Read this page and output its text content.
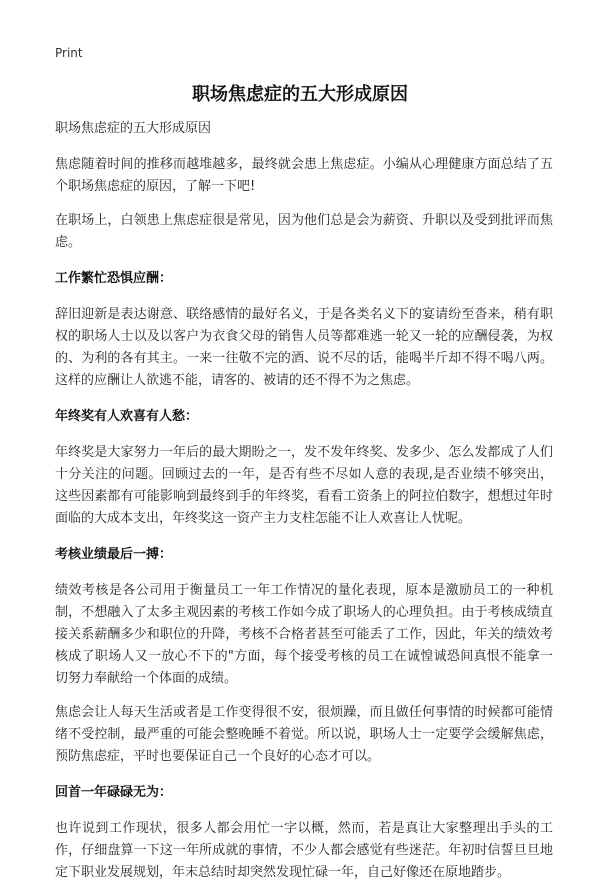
Print
职场焦虑症的五大形成原因

职场焦虑症的五大形成原因

焦虑随着时间的推移而越堆越多，最终就会患上焦虑症。小编从心理健康方面总结了五个职场焦虑症的原因，了解一下吧!

在职场上，白领患上焦虑症很是常见，因为他们总是会为薪资、升职以及受到批评而焦虑。

工作繁忙恐惧应酬：

辞旧迎新是表达谢意、联络感情的最好名义，于是各类名义下的宴请纷至沓来，稍有职权的职场人士以及以客户为衣食父母的销售人员等都难逃一轮又一轮的应酬侵袭，为权的、为利的各有其主。一来一往敬不完的酒、说不尽的话，能喝半斤却不得不喝八两。这样的应酬让人欲逃不能，请客的、被请的还不得不为之焦虑。

年终奖有人欢喜有人愁：

年终奖是大家努力一年后的最大期盼之一，发不发年终奖、发多少、怎么发都成了人们十分关注的问题。回顾过去的一年，是否有些不尽如人意的表现,是否业绩不够突出，这些因素都有可能影响到最终到手的年终奖，看看工资条上的阿拉伯数字，想想过年时面临的大成本支出，年终奖这一资产主力支柱怎能不让人欢喜让人忧呢。

考核业绩最后一搏：

绩效考核是各公司用于衡量员工一年工作情况的量化表现，原本是激励员工的一种机制，不想融入了太多主观因素的考核工作如今成了职场人的心理负担。由于考核成绩直接关系薪酬多少和职位的升降，考核不合格者甚至可能丢了工作，因此，年关的绩效考核成了职场人又一放心不下的"方面，每个接受考核的员工在诚惶诚恐间真恨不能拿一切努力奉献给一个体面的成绩。

焦虑会让人每天生活或者是工作变得很不安，很烦躁，而且做任何事情的时候都可能情绪不受控制，最严重的可能会整晚睡不着觉。所以说，职场人士一定要学会缓解焦虑，预防焦虑症，平时也要保证自己一个良好的心态才可以。

回首一年碌碌无为：

也许说到工作现状，很多人都会用忙一字以概，然而，若是真让大家整理出手头的工作，仔细盘算一下这一年所成就的事情，不少人都会感觉有些迷茫。年初时信誓旦旦地定下职业发展规划，年末总结时却突然发现忙碌一年，自己好像还在原地踏步。
